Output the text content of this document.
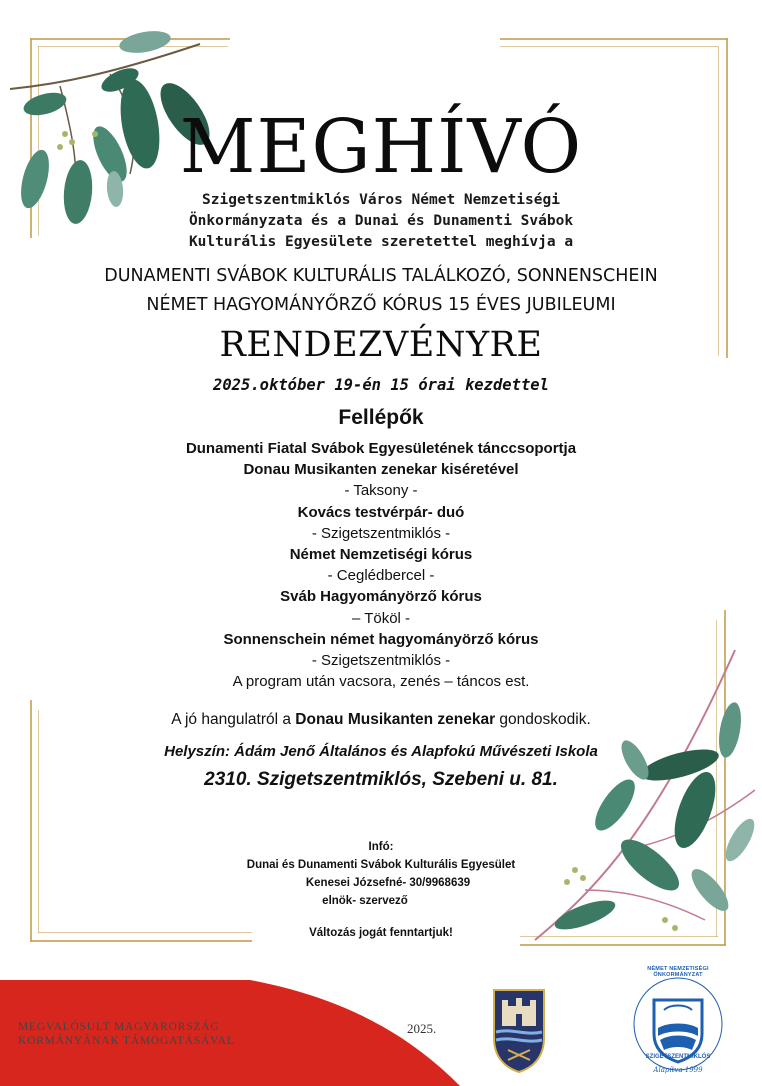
MEGHÍVÓ
Szigetszentmiklós Város Német Nemzetiségi
Önkormányzata és a Dunai és Dunamenti Svábok
Kulturális Egyesülete szeretettel meghívja a
DUNAMENTI SVÁBOK KULTURÁLIS TALÁLKOZÓ, SONNENSCHEIN
NÉMET HAGYOMÁNYŐRZŐ KÓRUS 15 ÉVES JUBILEUMI
RENDEZVÉNYRE
2025.október 19-én 15 órai kezdettel
Fellépők
Dunamenti Fiatal Svábok Egyesületének tánccsoportja
Donau Musikanten zenekar kiséretével
- Taksony -
Kovács testvérpár- duó
- Szigetszentmiklós -
Német Nemzetiségi kórus
- Ceglédbercel -
Sváb Hagyományörző kórus
– Tököl -
Sonnenschein német hagyományörző kórus
- Szigetszentmiklós -
A program után vacsora, zenés – táncos est.
A jó hangulatról a Donau Musikanten zenekar gondoskodik.
Helyszín: Ádám Jenő Általános és Alapfokú Művészeti Iskola
2310. Szigetszentmiklós, Szebeni u. 81.
Infó:
Dunai és Dunamenti Svábok Kulturális Egyesület
Kenesei Józsefné- 30/9968639
elnök- szervező
Változás jogát fenntartjuk!
MEGVALÓSULT MAGYARORSZÁG
KORMÁNYÁNAK TÁMOGATÁSÁVAL
2025.
NÉMET NEMZETISÉGI ÖNKORMÁNYZAT
SZIGETSZENTMIKLÓS
Alapítva 1999
